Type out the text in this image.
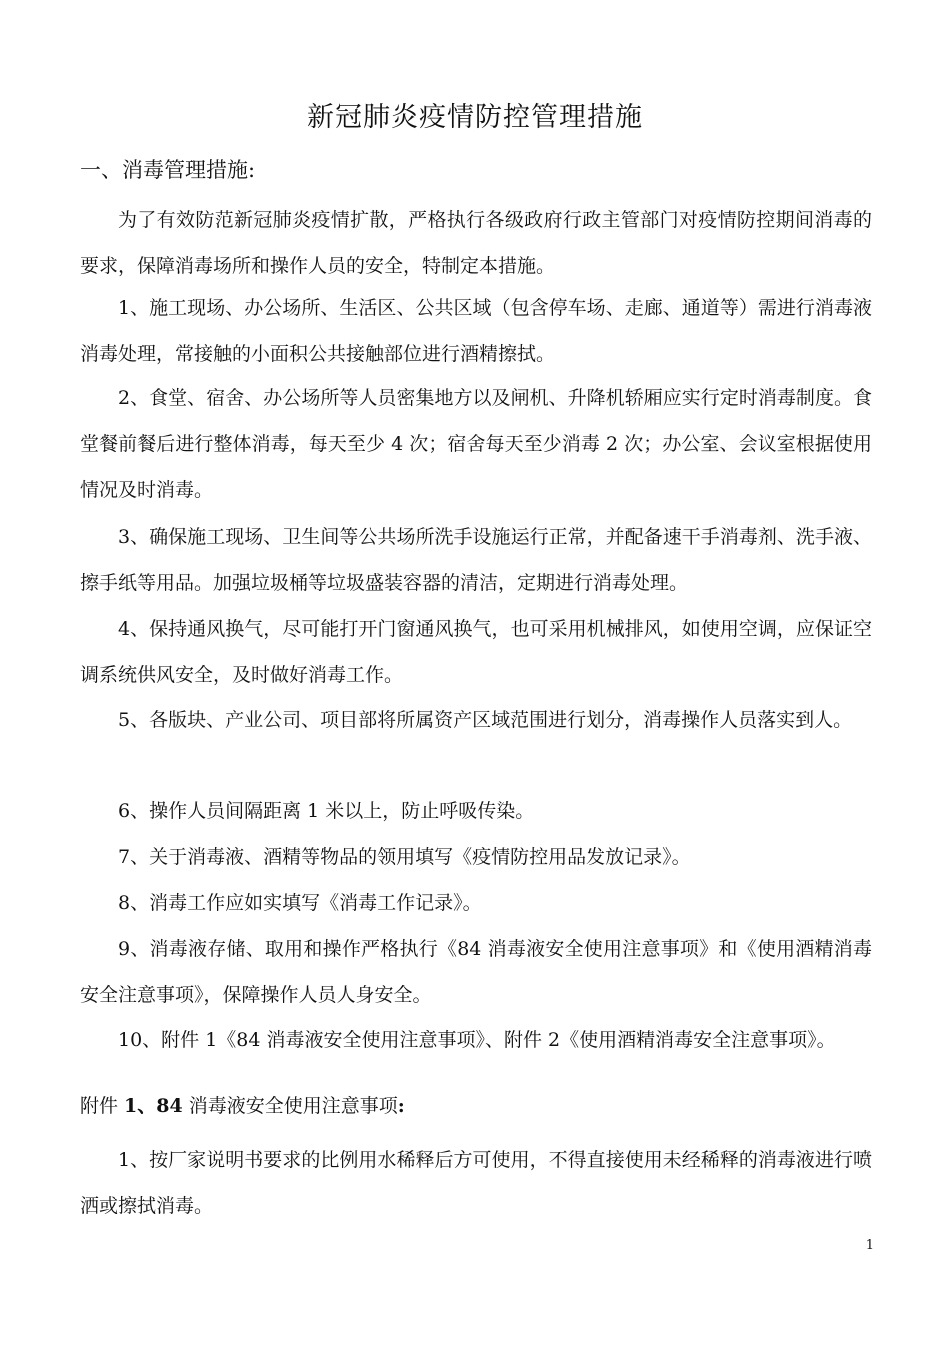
新冠肺炎疫情防控管理措施
一、消毒管理措施:

为了有效防范新冠肺炎疫情扩散，严格执行各级政府行政主管部门对疫情防控期间消毒的要求，保障消毒场所和操作人员的安全，特制定本措施。

1、施工现场、办公场所、生活区、公共区域（包含停车场、走廊、通道等）需进行消毒液消毒处理，常接触的小面积公共接触部位进行酒精擦拭。

2、食堂、宿舍、办公场所等人员密集地方以及闸机、升降机轿厢应实行定时消毒制度。食堂餐前餐后进行整体消毒，每天至少 4 次；宿舍每天至少消毒 2 次；办公室、会议室根据使用情况及时消毒。

3、确保施工现场、卫生间等公共场所洗手设施运行正常，并配备速干手消毒剂、洗手液、擦手纸等用品。加强垃圾桶等垃圾盛装容器的清洁，定期进行消毒处理。

4、保持通风换气，尽可能打开门窗通风换气，也可采用机械排风，如使用空调，应保证空调系统供风安全，及时做好消毒工作。

5、各版块、产业公司、项目部将所属资产区域范围进行划分，消毒操作人员落实到人。

6、操作人员间隔距离 1 米以上，防止呼吸传染。

7、关于消毒液、酒精等物品的领用填写《疫情防控用品发放记录》。

8、消毒工作应如实填写《消毒工作记录》。

9、消毒液存储、取用和操作严格执行《84 消毒液安全使用注意事项》和《使用酒精消毒安全注意事项》，保障操作人员人身安全。

10、附件 1《84 消毒液安全使用注意事项》、附件 2《使用酒精消毒安全注意事项》。

附件 1、84 消毒液安全使用注意事项:

1、按厂家说明书要求的比例用水稀释后方可使用，不得直接使用未经稀释的消毒液进行喷洒或擦拭消毒。

1
